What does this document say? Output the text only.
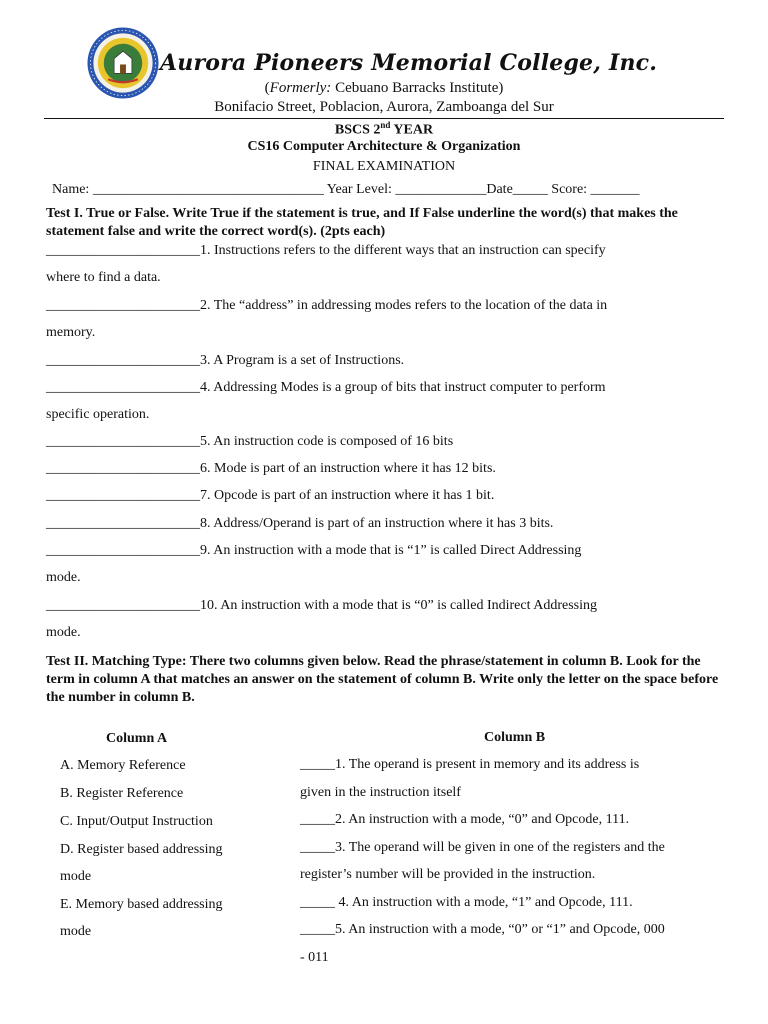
Aurora Pioneers Memorial College, Inc.
(Formerly: Cebuano Barracks Institute)
Bonifacio Street, Poblacion, Aurora, Zamboanga del Sur
BSCS 2nd YEAR
CS16 Computer Architecture & Organization
FINAL EXAMINATION
Name: _________________________________ Year Level: _____________Date_____ Score: _______
Test I. True or False. Write True if the statement is true, and If False underline the word(s) that makes the statement false and write the correct word(s). (2pts each)
______________________1. Instructions refers to the different ways that an instruction can specify
where to find a data.
______________________2. The “address” in addressing modes refers to the location of the data in
memory.
______________________3. A Program is a set of Instructions.
______________________4. Addressing Modes is a group of bits that instruct computer to perform
specific operation.
______________________5. An instruction code is composed of 16 bits
______________________6. Mode is part of an instruction where it has 12 bits.
______________________7. Opcode is part of an instruction where it has 1 bit.
______________________8. Address/Operand is part of an instruction where it has 3 bits.
______________________9. An instruction with a mode that is “1” is called Direct Addressing
mode.
______________________10. An instruction with a mode that is “0” is called Indirect Addressing
mode.
Test II. Matching Type: There two columns given below. Read the phrase/statement in column B. Look for the term in column A that matches an answer on the statement of column B. Write only the letter on the space before the number in column B.
Column A	Column B
A. Memory Reference
B. Register Reference
C. Input/Output Instruction
D. Register based addressing
mode
E. Memory based addressing
mode
_____1. The operand is present in memory and its address is
given in the instruction itself
_____2. An instruction with a mode, “0” and Opcode, 111.
_____3. The operand will be given in one of the registers and the
register’s number will be provided in the instruction.
_____ 4. An instruction with a mode, “1” and Opcode, 111.
_____5. An instruction with a mode, “0” or “1” and Opcode, 000
- 011
